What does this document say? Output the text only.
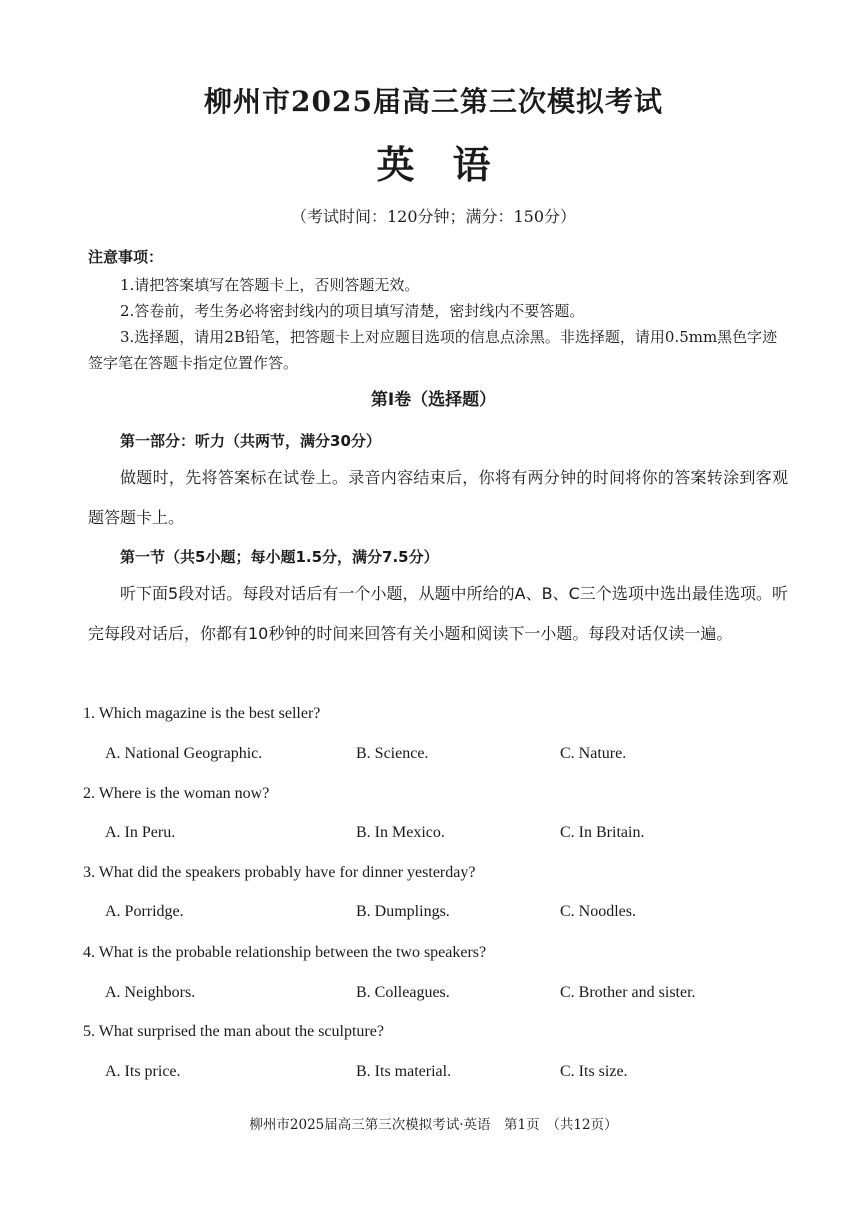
柳州市2025届高三第三次模拟考试
英语
（考试时间：120分钟；满分：150分）
注意事项：
1.请把答案填写在答题卡上，否则答题无效。
2.答卷前，考生务必将密封线内的项目填写清楚，密封线内不要答题。
3.选择题，请用2B铅笔，把答题卡上对应题目选项的信息点涂黑。非选择题，请用0.5mm黑色字迹签字笔在答题卡指定位置作答。
第Ⅰ卷（选择题）
第一部分：听力（共两节，满分30分）
做题时，先将答案标在试卷上。录音内容结束后，你将有两分钟的时间将你的答案转涂到客观题答题卡上。
第一节（共5小题；每小题1.5分，满分7.5分）
听下面5段对话。每段对话后有一个小题，从题中所给的A、B、C三个选项中选出最佳选项。听完每段对话后，你都有10秒钟的时间来回答有关小题和阅读下一小题。每段对话仅读一遍。
1. Which magazine is the best seller?
A. National Geographic.	B. Science.	C. Nature.
2. Where is the woman now?
A. In Peru.	B. In Mexico.	C. In Britain.
3. What did the speakers probably have for dinner yesterday?
A. Porridge.	B. Dumplings.	C. Noodles.
4. What is the probable relationship between the two speakers?
A. Neighbors.	B. Colleagues.	C. Brother and sister.
5. What surprised the man about the sculpture?
A. Its price.	B. Its material.	C. Its size.
柳州市2025届高三第三次模拟考试·英语　第1页　（共12页）
